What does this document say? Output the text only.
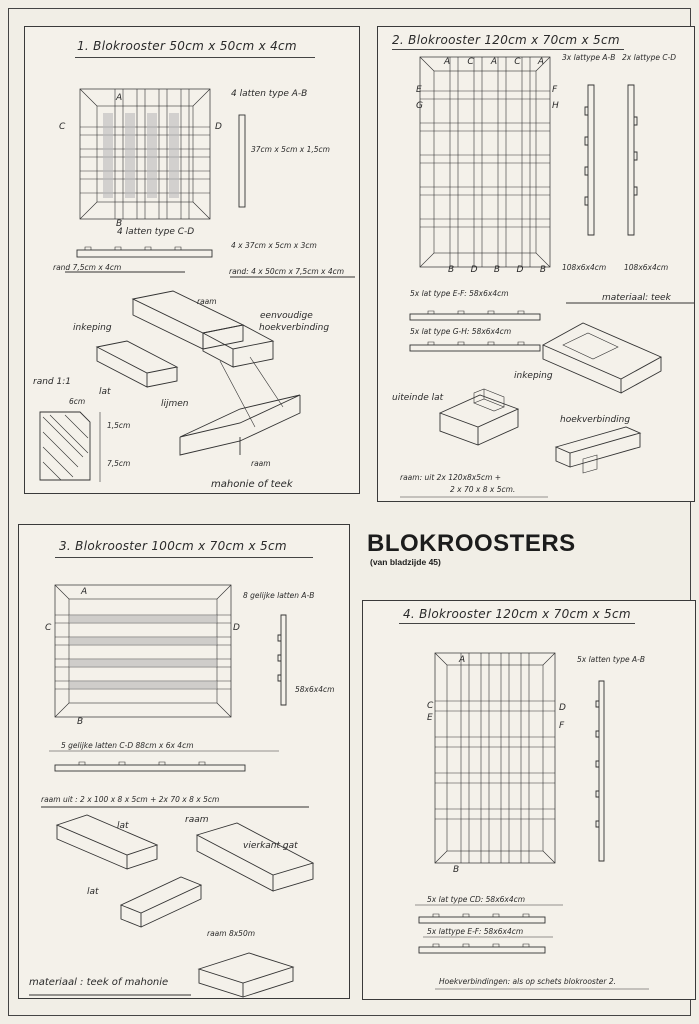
1. Blokrooster 50cm x 50cm x 4cm
4 latten type A-B
37cm x 5cm x 1,5cm
A
B
C	D
4 latten type C-D
4 x 37cm x 5cm x 3cm
rand 7,5cm x 4cm	rand: 4 x 50cm x 7,5cm x 4cm
raam
inkeping
eenvoudige
hoekverbinding
lat
lijmen
rand 1:1
6cm
1,5cm
7,5cm	raam
mahonie of teek
2. Blokrooster 120cm x 70cm x 5cm
3x lattype A-B 2x lattype C-D
A C A C A
B D B D B
E
G
F
H
108x6x4cm 108x6x4cm
5x lat type E-F: 58x6x4cm	materiaal: teek
5x lat type G-H: 58x6x4cm
inkeping
uiteinde lat
hoekverbinding
raam: uit 2x 120x8x5cm +
2 x 70 x 8 x 5cm.
BLOKROOSTERS
(van bladzijde 45)
3. Blokrooster 100cm x 70cm x 5cm
A
B
C	D
8 gelijke latten A-B
58x6x4cm
5 gelijke latten C-D 88cm x 6x 4cm
raam uit : 2 x 100 x 8 x 5cm + 2x 70 x 8 x 5cm
lat
raam
vierkant gat
lat
raam 8x50m
materiaal : teek of mahonie
4. Blokrooster 120cm x 70cm x 5cm
A
B
C
E
D
F
5x latten type A-B
5x lat type CD: 58x6x4cm
5x lattype E-F: 58x6x4cm
Hoekverbindingen: als op schets blokrooster 2.
